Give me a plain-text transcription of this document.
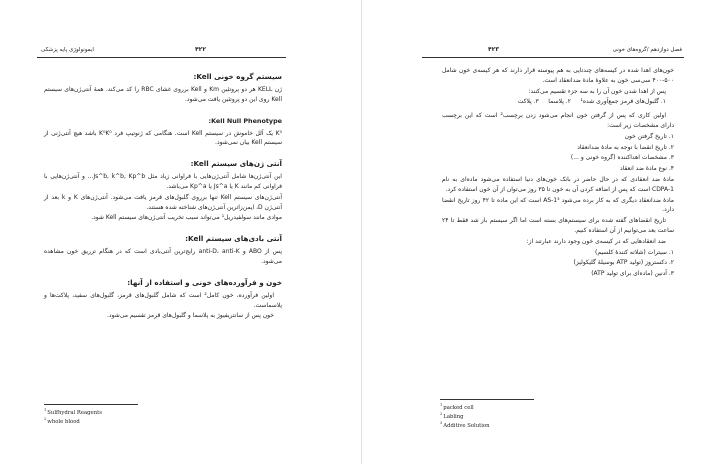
ایمونولوژی پایه پزشکی	۴۲۲
سیستم گروه خونی Kell:
ژن KELL هر دو پروتئین Km و Kell برروی غشای RBC را کد می‌کند. همهٔ آنتی‌ژن‌های سیستم Kell روی این دو پروتئین یافت می‌شود.
Kell Null Phenotype:
K⁰ یک آلل خاموش در سیستم Kell است. هنگامی که ژنوتیپ فرد K⁰K⁰ باشد هیچ آنتی‌ژنی از سیستم Kell بیان نمی‌شود.
آنتی ژن‌های سیستم Kell:
این آنتی‌ژن‌ها شامل آنتی‌ژن‌هایی با فراوانی زیاد مثل Js^b, k^b, Kp^b... و آنتی‌ژن‌هایی با فراوانی کم مانند K یا Js^a یا Kp^a می‌باشد.
آنتی‌ژن‌های سیستم Kell تنها برروی گلبول‌های قرمز یافت می‌شود. آنتی‌ژن‌های K و k بعد از آنتی‌ژن D، ایمن‌زاترین آنتی‌ژن‌های شناخته شده هستند.
موادی مانند سولفیدریل¹ می‌تواند سبب تخریب آنتی‌ژن‌های سیستم Kell شود.
آنتی بادی‌های سیستم Kell:
پس از ABO و anti-D، anti-K رایج‌ترین آنتی‌بادی است که در هنگام تزریق خون مشاهده می‌شود.
خون و فرآورده‌های خونی و استفاده از آنها:
اولین فرآورده، خون کامل² است که شامل گلبول‌های قرمز، گلبول‌های سفید، پلاکت‌ها و پلاسماست.
خون پس از سانتریفیوژ به پلاسما و گلبول‌های قرمز تقسیم می‌شود.
$^1$Sulfhydral Reagents
$^2$whole blood
۴۲۳	فصل دوازدهم /گروه‌های خونی
خون‌های اهدا شده در کیسه‌های چندتایی به هم پیوسته قرار دارند که هر کیسه‌ی خون شامل ۵۰۰-۴۰۰ سی‌سی خون به علاوهٔ مادهٔ ضدانعقاد است.
پس از اهدا شدن خون آن را به سه جزء تقسیم می‌کنند:
۱. گلبول‌های قرمز جمع‌آوری شده¹     ۲. پلاسما     ۳. پلاکت
اولین کاری که پس از گرفتن خون انجام می‌شود زدن برچسب² است که این برچسب دارای مشخصات زیر است:
۱. تاریخ گرفتن خون
۲. تاریخ انقضا با توجه به مادهٔ ضدانعقاد
۳. مشخصات اهداکننده (گروه خونی و ...)
۴. نوع مادهٔ ضد انعقاد
مادهٔ ضد انعقادی که در حال حاضر در بانک خون‌های دنیا استفاده می‌شود ماده‌ای به نام CDPA-1 است که پس از اضافه کردن آن به خون تا ۳۵ روز می‌توان از آن خون استفاده کرد.
مادهٔ ضدانعقاد دیگری که به کار برده می‌شود AS-1³ است که این ماده تا ۴۲ روز تاریخ انقضا دارد.
تاریخ انقضاهای گفته شده برای سیستم‌های بسته است اما اگر سیستم باز شد فقط تا ۲۴ ساعت بعد می‌توانیم از آن استفاده کنیم.
ضد انعقادهایی که در کیسه‌ی خون وجود دارند عبارتند از:
۱. سیترات (شلاته کنندهٔ کلسیم)
۲. دکستروز (تولید ATP بوسیلهٔ گلیکولیز)
۳. آدنین (ماده‌ای برای تولید ATP)
$^1$packed cell
$^2$Labling
$^3$Additive Solution
